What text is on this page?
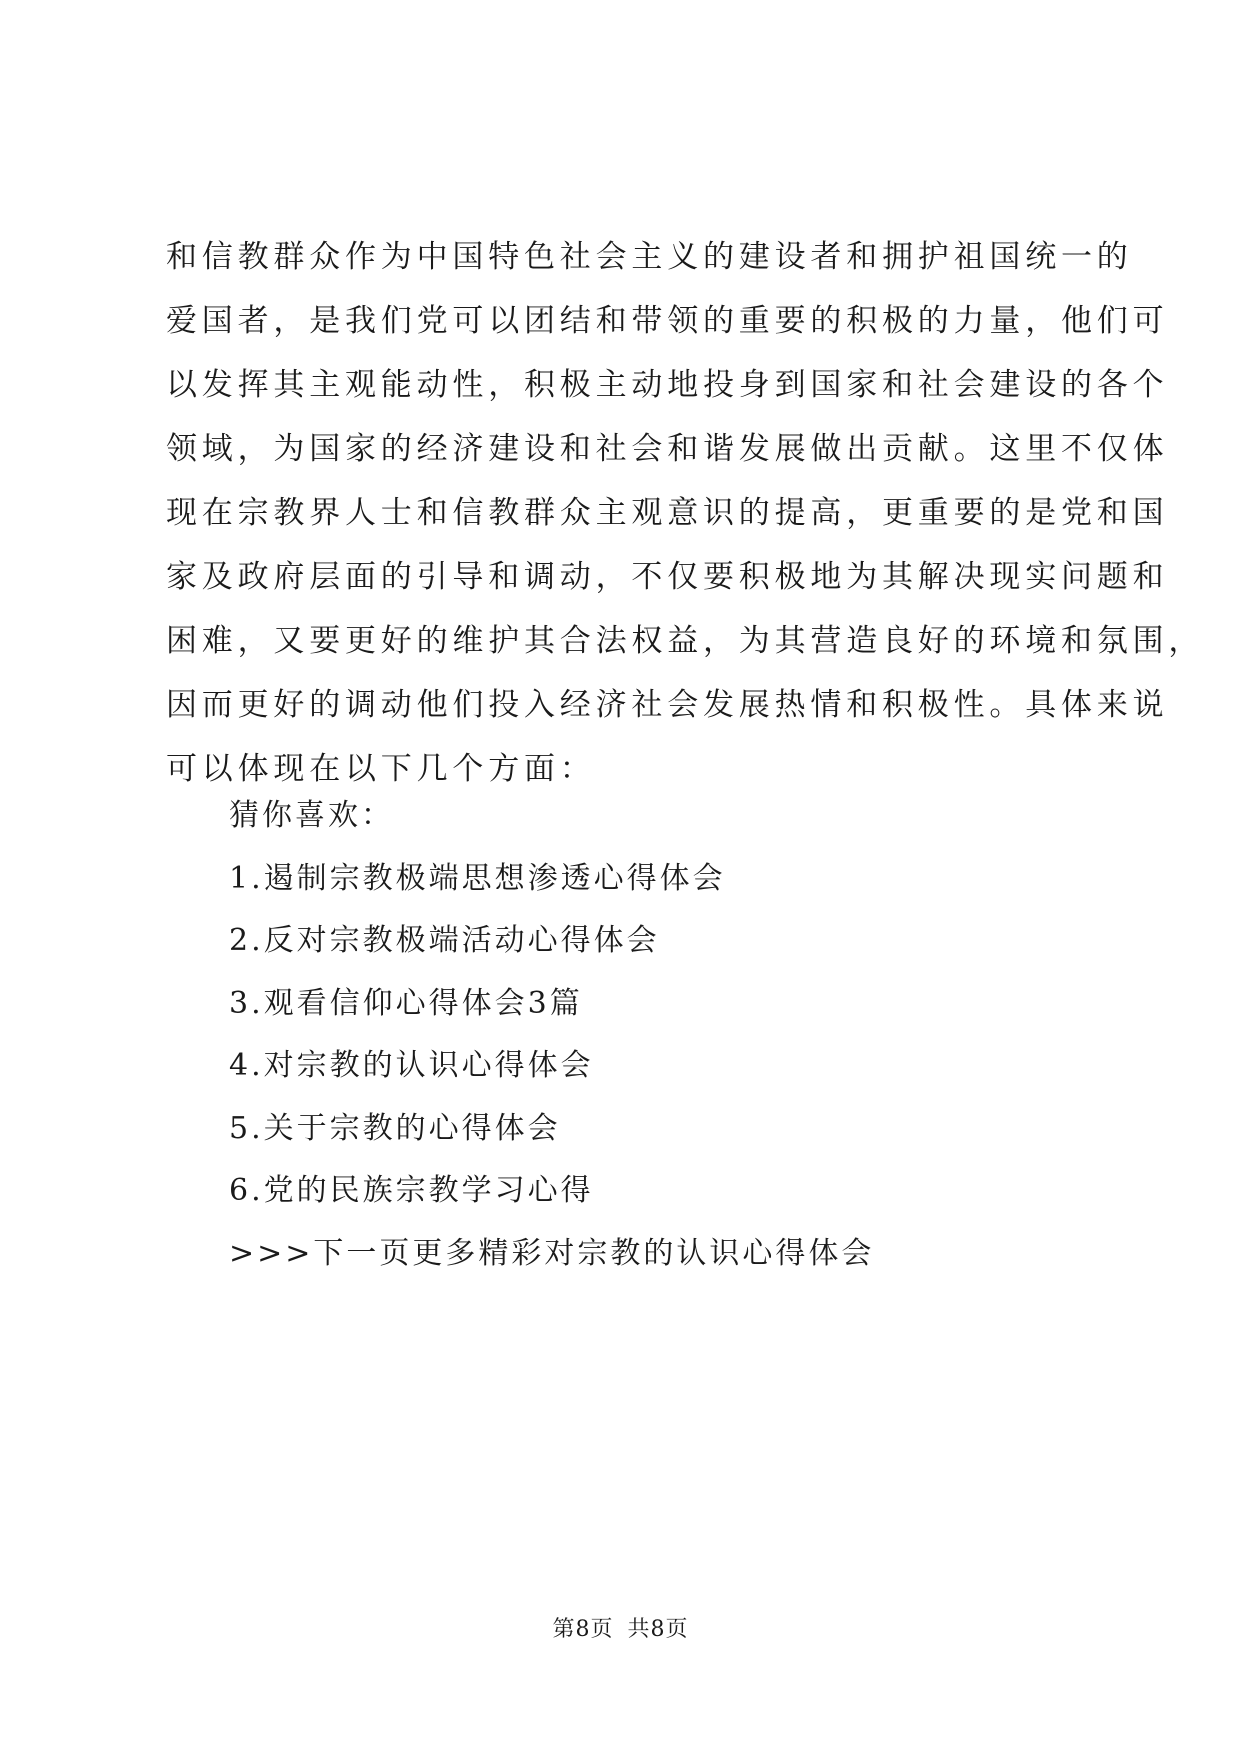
和信教群众作为中国特色社会主义的建设者和拥护祖国统一的
爱国者，是我们党可以团结和带领的重要的积极的力量，他们可
以发挥其主观能动性，积极主动地投身到国家和社会建设的各个
领域，为国家的经济建设和社会和谐发展做出贡献。这里不仅体
现在宗教界人士和信教群众主观意识的提高，更重要的是党和国
家及政府层面的引导和调动，不仅要积极地为其解决现实问题和
困难，又要更好的维护其合法权益，为其营造良好的环境和氛围，
因而更好的调动他们投入经济社会发展热情和积极性。具体来说
可以体现在以下几个方面：
猜你喜欢：
1.遏制宗教极端思想渗透心得体会
2.反对宗教极端活动心得体会
3.观看信仰心得体会3篇
4.对宗教的认识心得体会
5.关于宗教的心得体会
6.党的民族宗教学习心得
>>>下一页更多精彩对宗教的认识心得体会
第8页 共8页
